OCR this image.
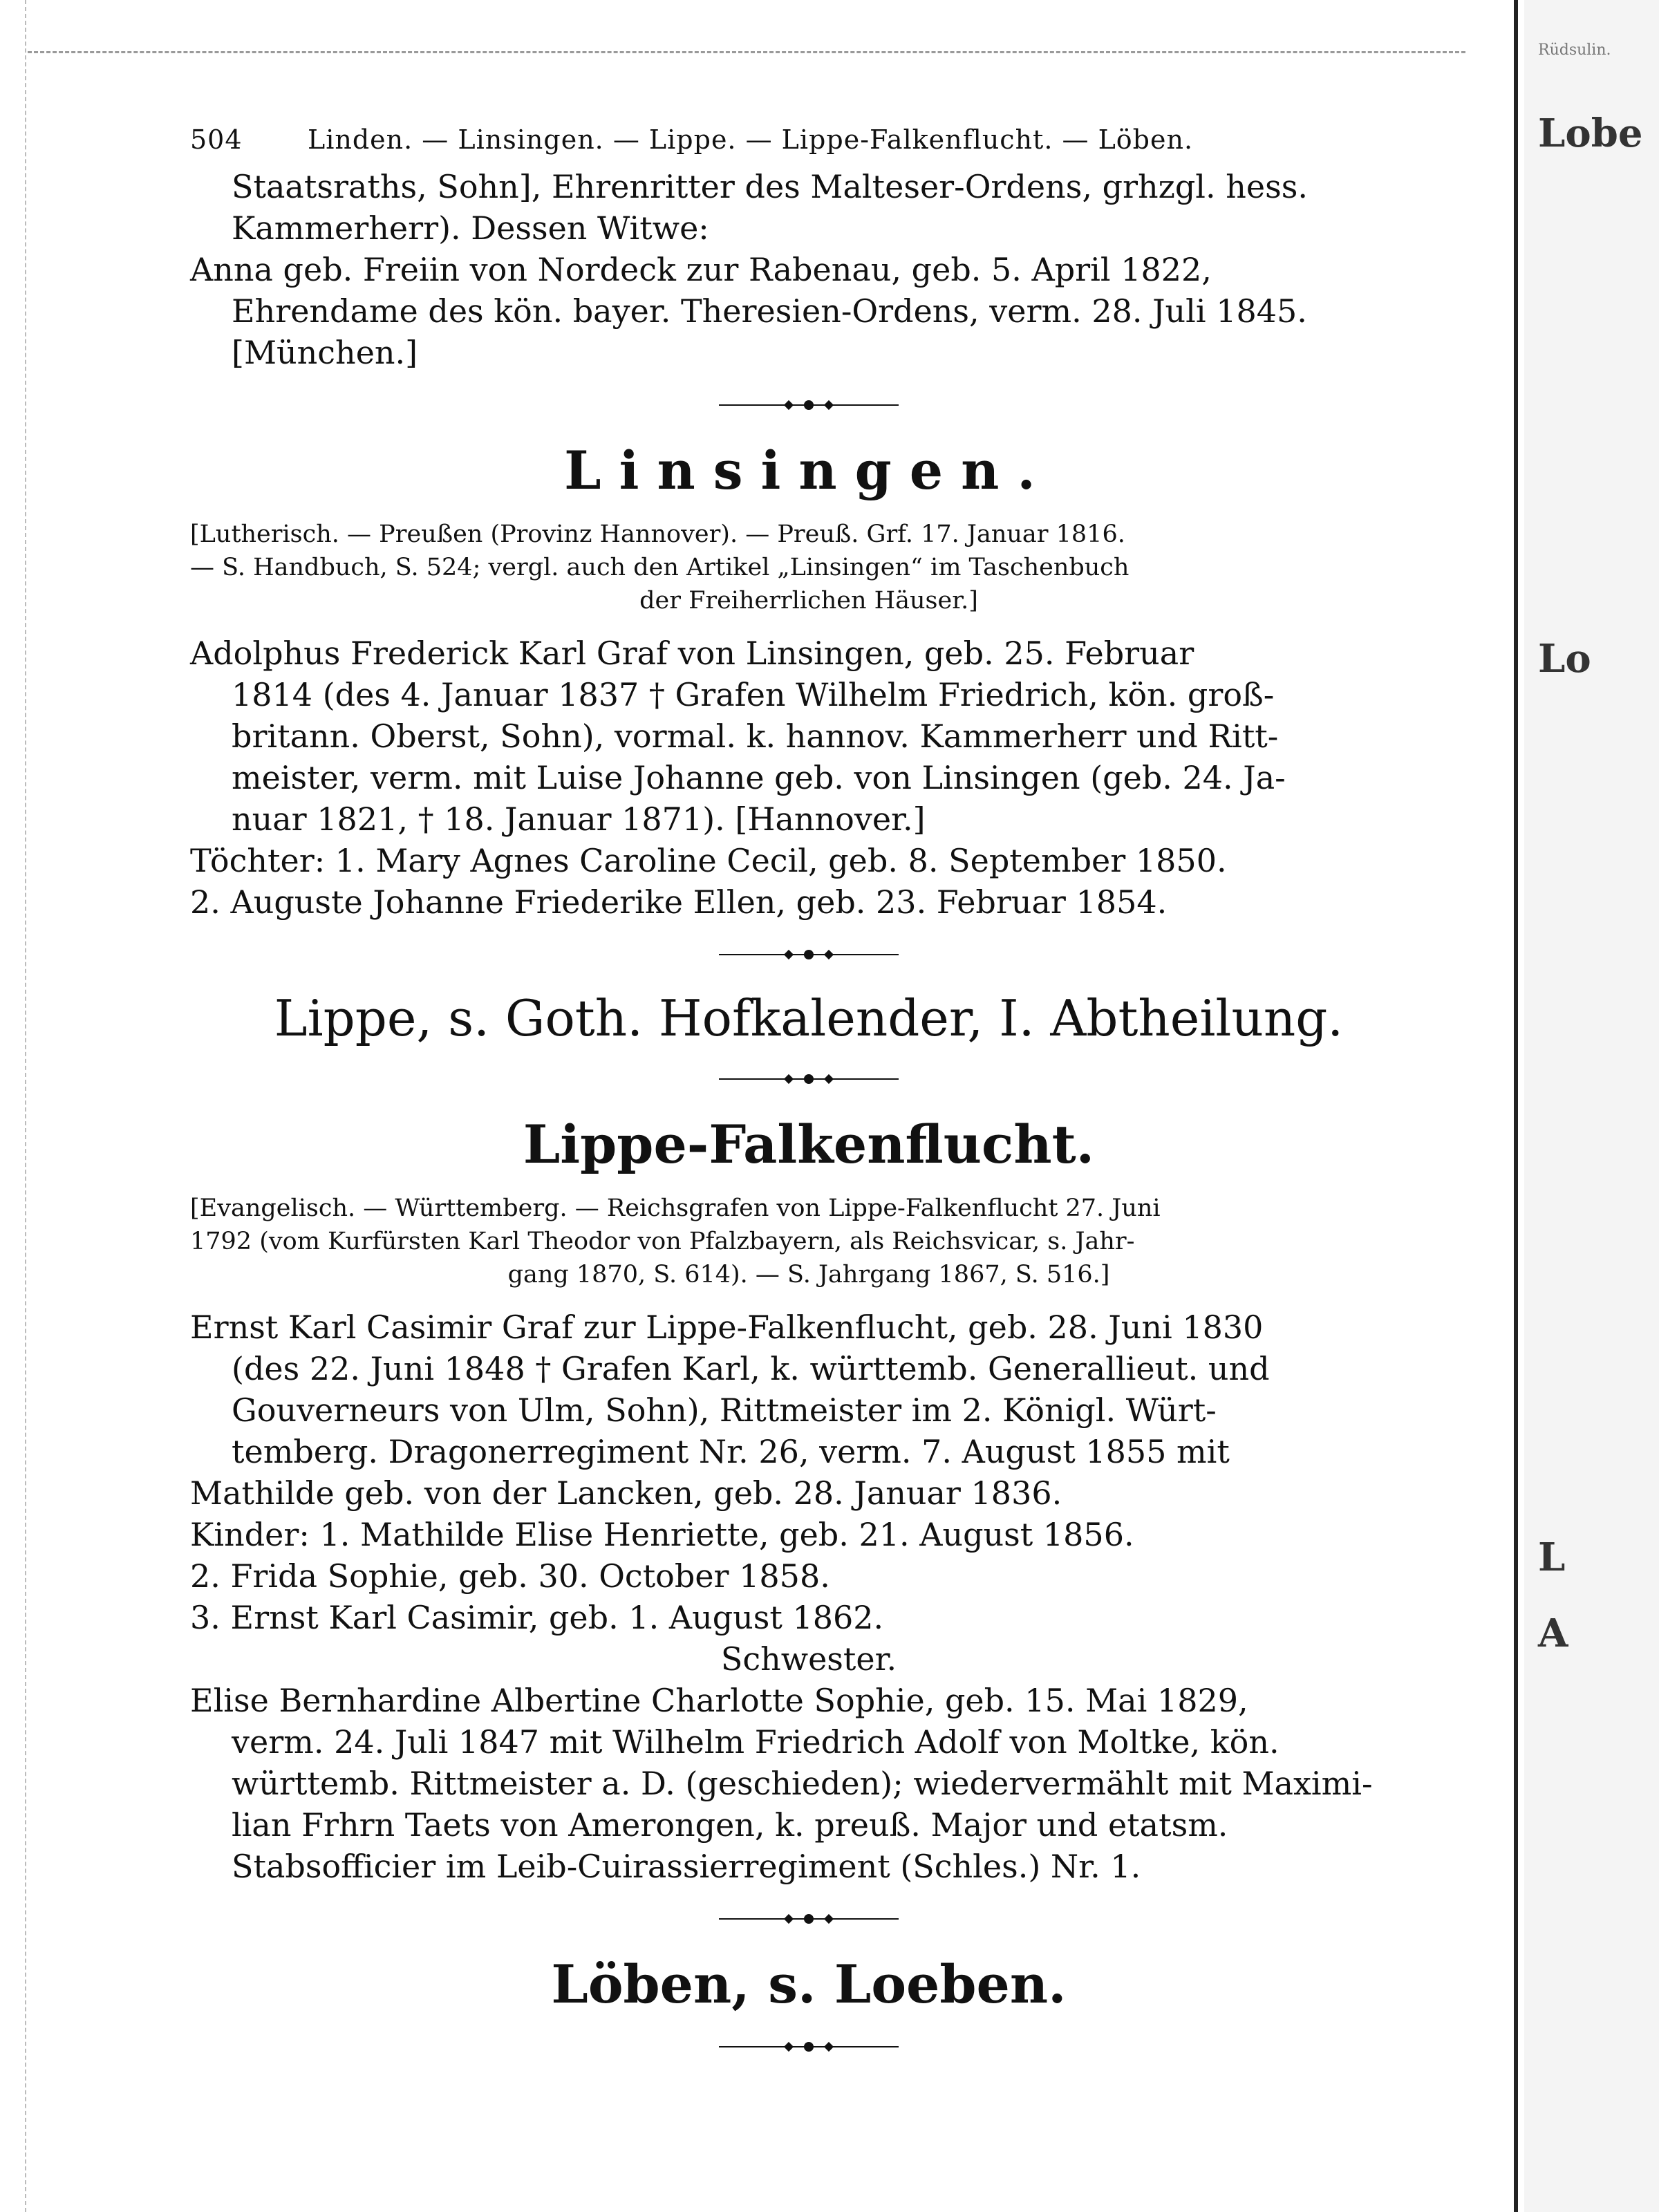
Rüdsulin.
Lobe
Lo
L
A
504 Linden. — Linsingen. — Lippe. — Lippe-Falkenflucht. — Löben.

Staatsraths, Sohn], Ehrenritter des Malteser-Ordens, grhzgl. hess.

Kammerherr). Dessen Witwe:

Anna geb. Freiin von Nordeck zur Rabenau, geb. 5. April 1822,

Ehrendame des kön. bayer. Theresien-Ordens, verm. 28. Juli 1845.

[München.]

Linsingen.

[Lutherisch. — Preußen (Provinz Hannover). — Preuß. Grf. 17. Januar 1816.

— S. Handbuch, S. 524; vergl. auch den Artikel „Linsingen“ im Taschenbuch

der Freiherrlichen Häuser.]

Adolphus Frederick Karl Graf von Linsingen, geb. 25. Februar

1814 (des 4. Januar 1837 † Grafen Wilhelm Friedrich, kön. groß-

britann. Oberst, Sohn), vormal. k. hannov. Kammerherr und Ritt-

meister, verm. mit Luise Johanne geb. von Linsingen (geb. 24. Ja-

nuar 1821, † 18. Januar 1871). [Hannover.]

Töchter: 1. Mary Agnes Caroline Cecil, geb. 8. September 1850.

2. Auguste Johanne Friederike Ellen, geb. 23. Februar 1854.

Lippe, s. Goth. Hofkalender, I. Abtheilung.
Lippe-Falkenflucht.

[Evangelisch. — Württemberg. — Reichsgrafen von Lippe-Falkenflucht 27. Juni

1792 (vom Kurfürsten Karl Theodor von Pfalzbayern, als Reichsvicar, s. Jahr-

gang 1870, S. 614). — S. Jahrgang 1867, S. 516.]

Ernst Karl Casimir Graf zur Lippe-Falkenflucht, geb. 28. Juni 1830

(des 22. Juni 1848 † Grafen Karl, k. württemb. Generallieut. und

Gouverneurs von Ulm, Sohn), Rittmeister im 2. Königl. Würt-

temberg. Dragonerregiment Nr. 26, verm. 7. August 1855 mit

Mathilde geb. von der Lancken, geb. 28. Januar 1836.

Kinder: 1. Mathilde Elise Henriette, geb. 21. August 1856.

2. Frida Sophie, geb. 30. October 1858.

3. Ernst Karl Casimir, geb. 1. August 1862.

Schwester.

Elise Bernhardine Albertine Charlotte Sophie, geb. 15. Mai 1829,

verm. 24. Juli 1847 mit Wilhelm Friedrich Adolf von Moltke, kön.

württemb. Rittmeister a. D. (geschieden); wiedervermählt mit Maximi-

lian Frhrn Taets von Amerongen, k. preuß. Major und etatsm.

Stabsofficier im Leib-Cuirassierregiment (Schles.) Nr. 1.

Löben, s. Loeben.
